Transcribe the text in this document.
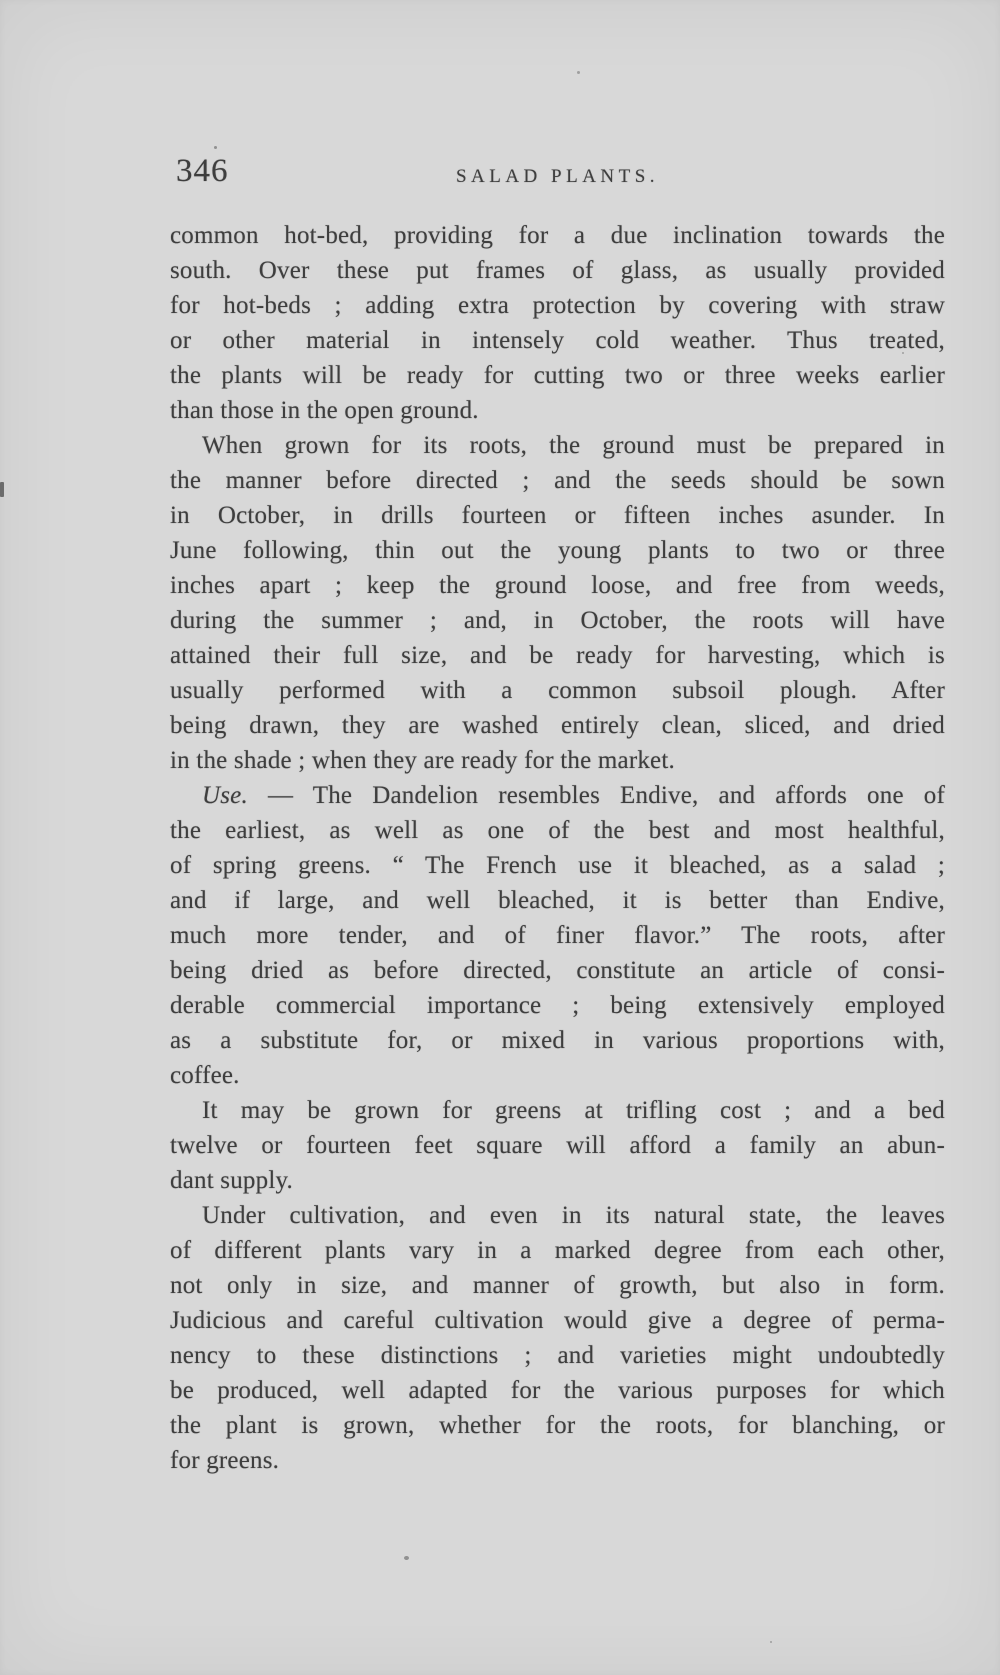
346	SALAD PLANTS.
common hot-bed, providing for a due inclination towards the
south. Over these put frames of glass, as usually provided
for hot-beds ; adding extra protection by covering with straw
or other material in intensely cold weather. Thus treated,
the plants will be ready for cutting two or three weeks earlier
than those in the open ground.
When grown for its roots, the ground must be prepared in
the manner before directed ; and the seeds should be sown
in October, in drills fourteen or fifteen inches asunder. In
June following, thin out the young plants to two or three
inches apart ; keep the ground loose, and free from weeds,
during the summer ; and, in October, the roots will have
attained their full size, and be ready for harvesting, which is
usually performed with a common subsoil plough. After
being drawn, they are washed entirely clean, sliced, and dried
in the shade ; when they are ready for the market.
Use. — The Dandelion resembles Endive, and affords one of
the earliest, as well as one of the best and most healthful,
of spring greens. “ The French use it bleached, as a salad ;
and if large, and well bleached, it is better than Endive,
much more tender, and of finer flavor.” The roots, after
being dried as before directed, constitute an article of consi-
derable commercial importance ; being extensively employed
as a substitute for, or mixed in various proportions with,
coffee.
It may be grown for greens at trifling cost ; and a bed
twelve or fourteen feet square will afford a family an abun-
dant supply.
Under cultivation, and even in its natural state, the leaves
of different plants vary in a marked degree from each other,
not only in size, and manner of growth, but also in form.
Judicious and careful cultivation would give a degree of perma-
nency to these distinctions ; and varieties might undoubtedly
be produced, well adapted for the various purposes for which
the plant is grown, whether for the roots, for blanching, or
for greens.
